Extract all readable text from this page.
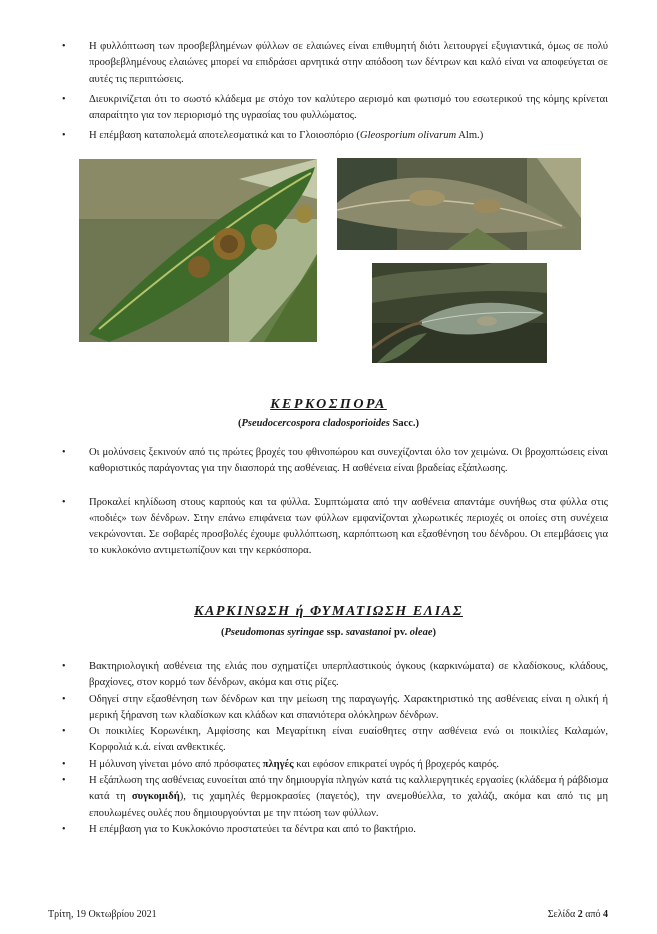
• Η φυλλόπτωση των προσβεβλημένων φύλλων σε ελαιώνες είναι επιθυμητή διότι λειτουργεί εξυγιαντικά, όμως σε πολύ προσβεβλημένους ελαιώνες μπορεί να επιδράσει αρνητικά στην απόδοση των δέντρων και καλό είναι να αποφεύγεται σε αυτές τις περιπτώσεις.
• Διευκρινίζεται ότι το σωστό κλάδεμα με στόχο τον καλύτερο αερισμό και φωτισμό του εσωτερικού της κόμης κρίνεται απαραίτητο για τον περιορισμό της υγρασίας του φυλλώματος.
• Η επέμβαση καταπολεμά αποτελεσματικά και το Γλοιοσπόριο (Gleosporium olivarum Alm.)
ΚΕΡΚΟΣΠΟΡΑ
(Pseudocercospora cladosporioides Sacc.)
• Οι μολύνσεις ξεκινούν από τις πρώτες βροχές του φθινοπώρου και συνεχίζονται όλο τον χειμώνα. Οι βροχοπτώσεις είναι καθοριστικός παράγοντας για την διασπορά της ασθένειας. Η ασθένεια είναι βραδείας εξάπλωσης.
• Προκαλεί κηλίδωση στους καρπούς και τα φύλλα. Συμπτώματα από την ασθένεια απαντάμε συνήθως στα φύλλα στις «ποδιές» των δένδρων. Στην επάνω επιφάνεια των φύλλων εμφανίζονται χλωρωτικές περιοχές οι οποίες στη συνέχεια νεκρώνονται. Σε σοβαρές προσβολές έχουμε φυλλόπτωση, καρπόπτωση και εξασθένηση του δένδρου. Οι επεμβάσεις για το κυκλοκόνιο αντιμετωπίζουν και την κερκόσπορα.
ΚΑΡΚΙΝΩΣΗ ή ΦΥΜΑΤΙΩΣΗ ΕΛΙΑΣ
(Pseudomonas syringae ssp. savastanoi pv. oleae)
• Βακτηριολογική ασθένεια της ελιάς που σχηματίζει υπερπλαστικούς όγκους (καρκινώματα) σε κλαδίσκους, κλάδους, βραχίονες, στον κορμό των δένδρων, ακόμα και στις ρίζες.
• Οδηγεί στην εξασθένηση των δένδρων και την μείωση της παραγωγής. Χαρακτηριστικό της ασθένειας είναι η ολική ή μερική ξήρανση των κλαδίσκων και κλάδων και σπανιότερα ολόκληρων δένδρων.
• Οι ποικιλίες Κορωνέικη, Αμφίσσης και Μεγαρίτικη είναι ευαίσθητες στην ασθένεια ενώ οι ποικιλίες Καλαμών, Κορφολιά κ.ά. είναι ανθεκτικές.
• Η μόλυνση γίνεται μόνο από πρόσφατες πληγές και εφόσον επικρατεί υγρός ή βροχερός καιρός.
• Η εξάπλωση της ασθένειας ευνοείται από την δημιουργία πληγών κατά τις καλλιεργητικές εργασίες (κλάδεμα ή ράβδισμα κατά τη συγκομιδή), τις χαμηλές θερμοκρασίες (παγετός), την ανεμοθύελλα, το χαλάζι, ακόμα και από τις μη επουλωμένες ουλές που δημιουργούνται με την πτώση των φύλλων.
• Η επέμβαση για το Κυκλοκόνιο προστατεύει τα δέντρα και από το βακτήριο.
Τρίτη, 19 Οκτωβρίου 2021	Σελίδα 2 από 4
